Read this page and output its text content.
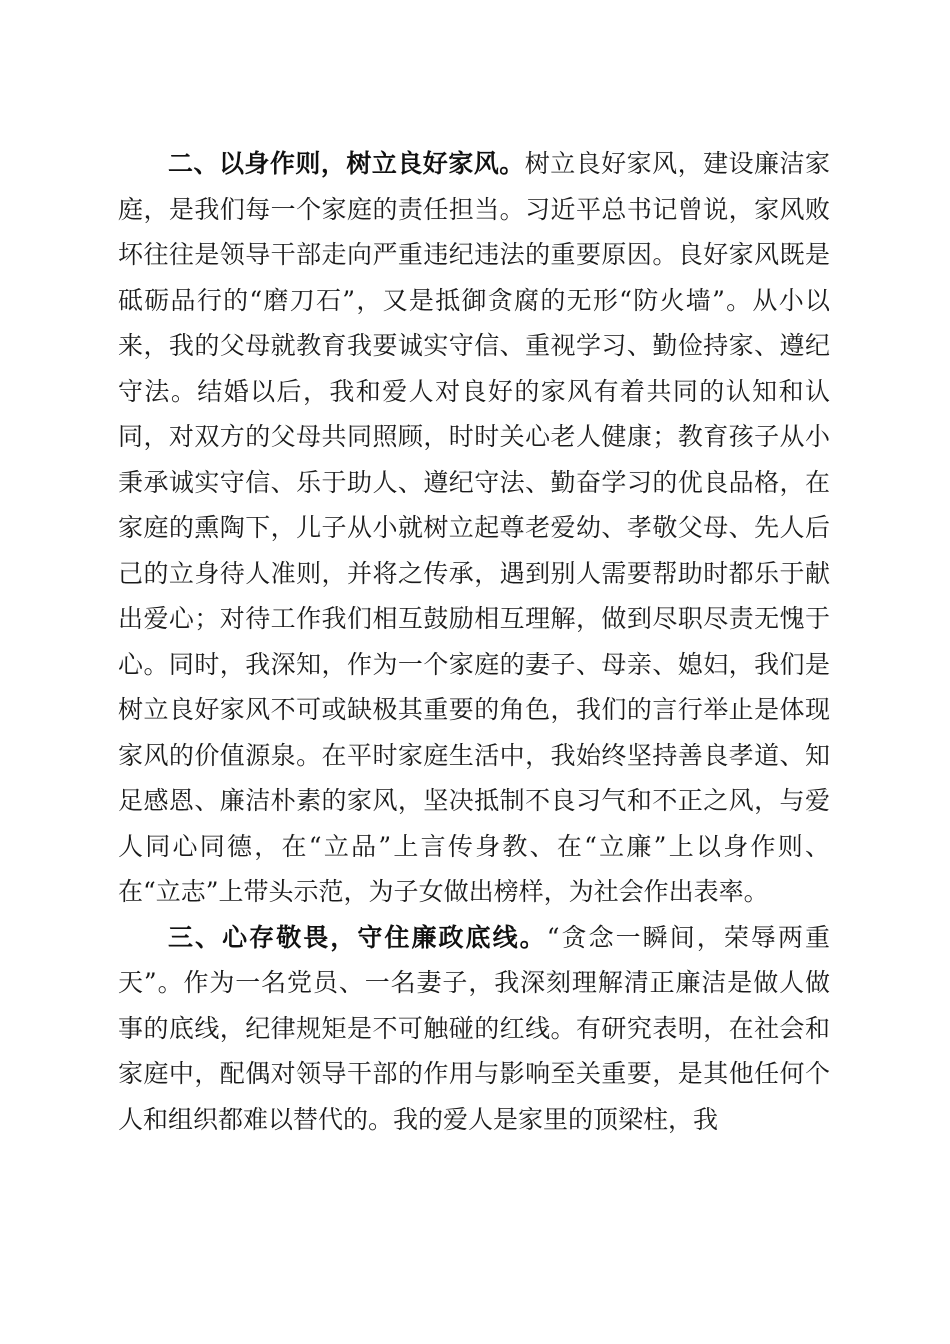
二、以身作则，树立良好家风。树立良好家风，建设廉洁家庭，是我们每一个家庭的责任担当。习近平总书记曾说，家风败坏往往是领导干部走向严重违纪违法的重要原因。良好家风既是砥砺品行的“磨刀石”，又是抵御贪腐的无形“防火墙”。从小以来，我的父母就教育我要诚实守信、重视学习、勤俭持家、遵纪守法。结婚以后，我和爱人对良好的家风有着共同的认知和认同，对双方的父母共同照顾，时时关心老人健康；教育孩子从小秉承诚实守信、乐于助人、遵纪守法、勤奋学习的优良品格，在家庭的熏陶下，儿子从小就树立起尊老爱幼、孝敬父母、先人后己的立身待人准则，并将之传承，遇到别人需要帮助时都乐于献出爱心；对待工作我们相互鼓励相互理解，做到尽职尽责无愧于心。同时，我深知，作为一个家庭的妻子、母亲、媳妇，我们是树立良好家风不可或缺极其重要的角色，我们的言行举止是体现家风的价值源泉。在平时家庭生活中，我始终坚持善良孝道、知足感恩、廉洁朴素的家风，坚决抵制不良习气和不正之风，与爱人同心同德，在“立品”上言传身教、在“立廉”上以身作则、在“立志”上带头示范，为子女做出榜样，为社会作出表率。

三、心存敬畏，守住廉政底线。“贪念一瞬间，荣辱两重天”。作为一名党员、一名妻子，我深刻理解清正廉洁是做人做事的底线，纪律规矩是不可触碰的红线。有研究表明，在社会和家庭中，配偶对领导干部的作用与影响至关重要，是其他任何个人和组织都难以替代的。我的爱人是家里的顶梁柱，我
